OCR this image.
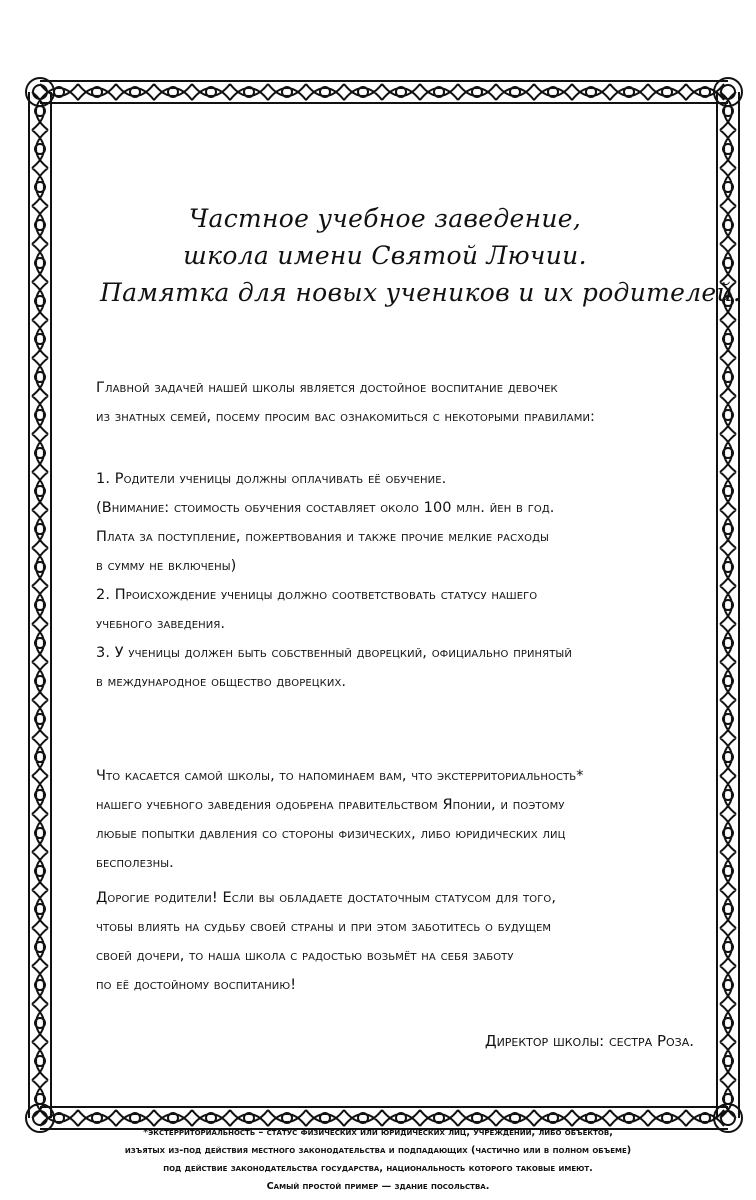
Частное учебное заведение,
школа имени Святой Лючии.
Памятка для новых учеников и их родителей.
Главной задачей нашей школы является достойное воспитание девочек
из знатных семей, посему просим вас ознакомиться с некоторыми правилами:
1. Родители ученицы должны оплачивать её обучение.
(Внимание: стоимость обучения составляет около 100 млн. йен в год.
Плата за поступление, пожертвования и также прочие мелкие расходы
в сумму не включены)
2. Происхождение ученицы должно соответствовать статусу нашего
учебного заведения.
3. У ученицы должен быть собственный дворецкий, официально принятый
в международное общество дворецких.
Что касается самой школы, то напоминаем вам, что экстерриториальность*
нашего учебного заведения одобрена правительством Японии, и поэтому
любые попытки давления со стороны физических, либо юридических лиц
бесполезны.
Дорогие родители! Если вы обладаете достаточным статусом для того,
чтобы влиять на судьбу своей страны и при этом заботитесь о будущем
своей дочери, то наша школа с радостью возьмёт на себя заботу
по её достойному воспитанию!
Директор школы: сестра Роза.
*экстерриториальность – статус физических или юридических лиц, учреждений, либо объектов,
изъятых из-под действия местного законодательства и подпадающих (частично или в полном объеме)
под действие законодательства государства, национальность которого таковые имеют.
Самый простой пример — здание посольства.
